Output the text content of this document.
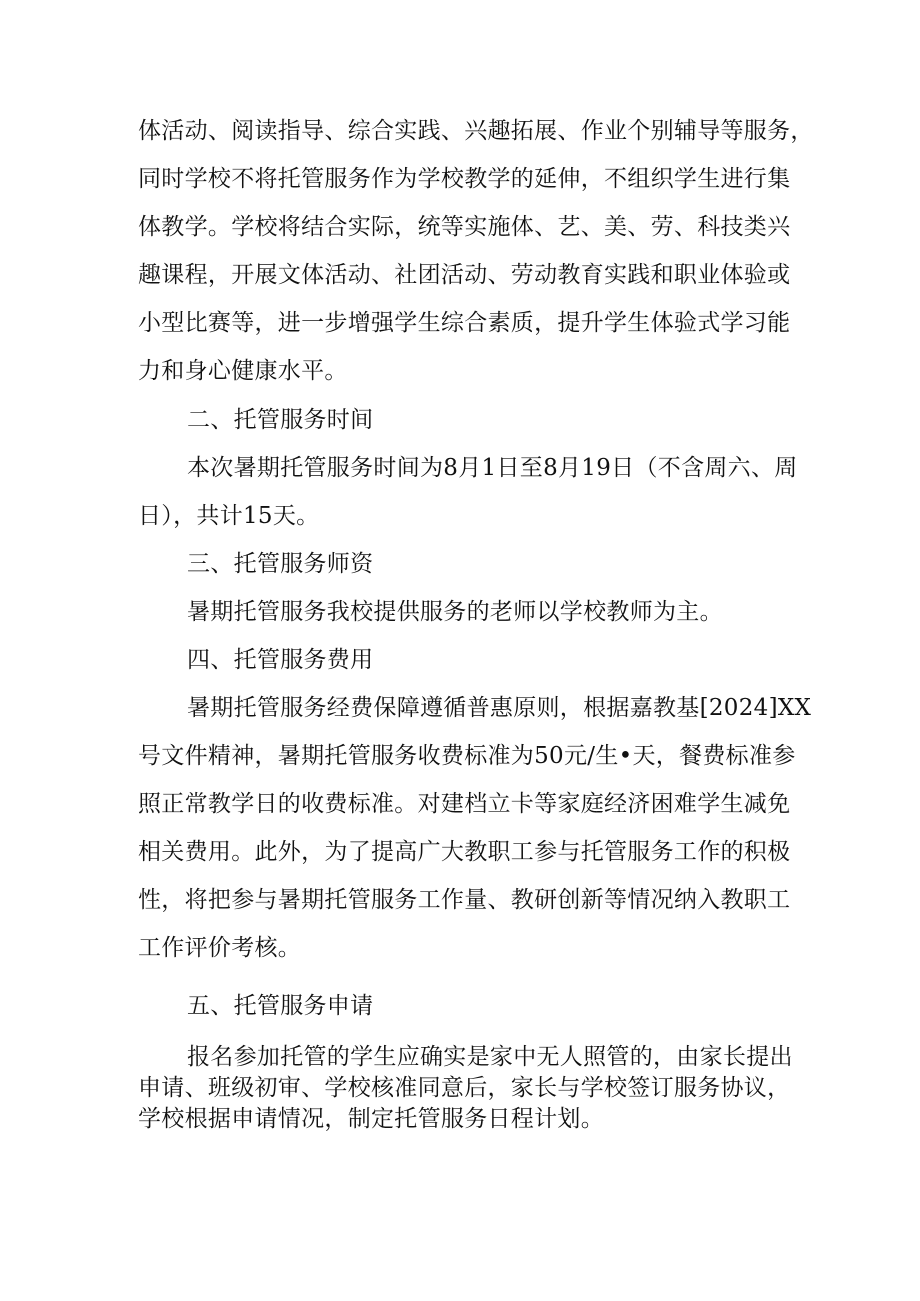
体活动、阅读指导、综合实践、兴趣拓展、作业个别辅导等服务，
同时学校不将托管服务作为学校教学的延伸，不组织学生进行集
体教学。学校将结合实际，统等实施体、艺、美、劳、科技类兴
趣课程，开展文体活动、社团活动、劳动教育实践和职业体验或
小型比赛等，进一步增强学生综合素质，提升学生体验式学习能
力和身心健康水平。
二、托管服务时间
本次暑期托管服务时间为8月1日至8月19日（不含周六、周
日），共计15天。
三、托管服务师资
暑期托管服务我校提供服务的老师以学校教师为主。
四、托管服务费用
暑期托管服务经费保障遵循普惠原则，根据嘉教基[2024]XX
号文件精神，暑期托管服务收费标准为50元/生•天，餐费标准参
照正常教学日的收费标准。对建档立卡等家庭经济困难学生减免
相关费用。此外，为了提高广大教职工参与托管服务工作的积极
性，将把参与暑期托管服务工作量、教研创新等情况纳入教职工
工作评价考核。
五、托管服务申请
报名参加托管的学生应确实是家中无人照管的，由家长提出
申请、班级初审、学校核准同意后，家长与学校签订服务协议，
学校根据申请情况，制定托管服务日程计划。
